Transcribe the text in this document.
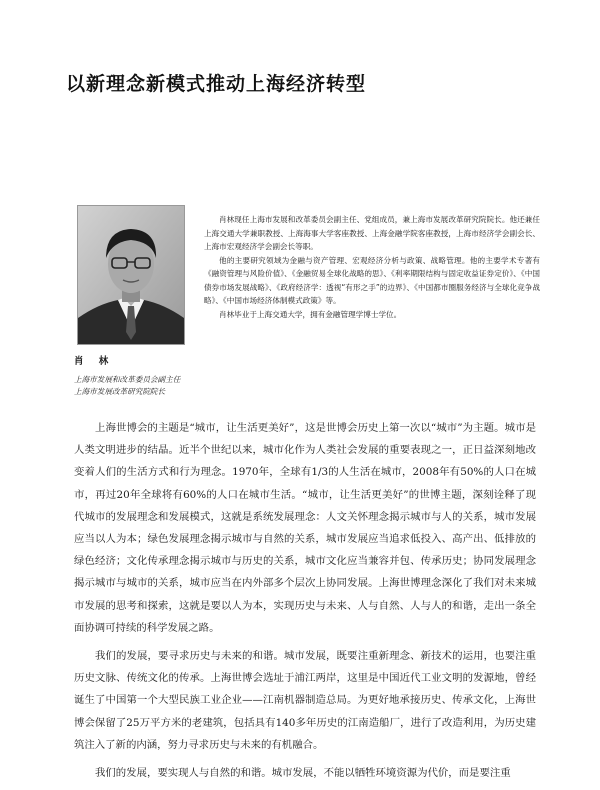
以新理念新模式推动上海经济转型

肖林现任上海市发展和改革委员会副主任、党组成员，兼上海市发展改革研究院院长。他还兼任上海交通大学兼职教授、上海海事大学客座教授、上海金融学院客座教授，上海市经济学会副会长、上海市宏观经济学会副会长等职。

他的主要研究领域为金融与资产管理、宏观经济分析与政策、战略管理。他的主要学术专著有《融资管理与风险价值》、《金融贸易全球化战略的思》、《利率期限结构与固定收益证券定价》、《中国债券市场发展战略》、《政府经济学：透视“有形之手”的边界》、《中国都市圈服务经济与全球化竞争战略》、《中国市场经济体制模式政策》等。

肖林毕业于上海交通大学，拥有金融管理学博士学位。

肖 林
上海市发展和改革委员会副主任
上海市发展改革研究院院长

上海世博会的主题是“城市，让生活更美好”，这是世博会历史上第一次以“城市”为主题。城市是人类文明进步的结晶。近半个世纪以来，城市化作为人类社会发展的重要表现之一，正日益深刻地改变着人们的生活方式和行为理念。1970年，全球有1/3的人生活在城市，2008年有50%的人口在城市，再过20年全球将有60%的人口在城市生活。“城市，让生活更美好”的世博主题，深刻诠释了现代城市的发展理念和发展模式，这就是系统发展理念：人文关怀理念揭示城市与人的关系，城市发展应当以人为本；绿色发展理念揭示城市与自然的关系，城市发展应当追求低投入、高产出、低排放的绿色经济；文化传承理念揭示城市与历史的关系，城市文化应当兼容并包、传承历史；协同发展理念揭示城市与城市的关系，城市应当在内外部多个层次上协同发展。上海世博理念深化了我们对未来城市发展的思考和探索，这就是要以人为本，实现历史与未来、人与自然、人与人的和谐，走出一条全面协调可持续的科学发展之路。

我们的发展，要寻求历史与未来的和谐。城市发展，既要注重新理念、新技术的运用，也要注重历史文脉、传统文化的传承。上海世博会选址于浦江两岸，这里是中国近代工业文明的发源地，曾经诞生了中国第一个大型民族工业企业——江南机器制造总局。为更好地承接历史、传承文化，上海世博会保留了25万平方米的老建筑，包括具有140多年历史的江南造船厂，进行了改造利用，为历史建筑注入了新的内涵，努力寻求历史与未来的有机融合。

我们的发展，要实现人与自然的和谐。城市发展，不能以牺牲环境资源为代价，而是要注重
